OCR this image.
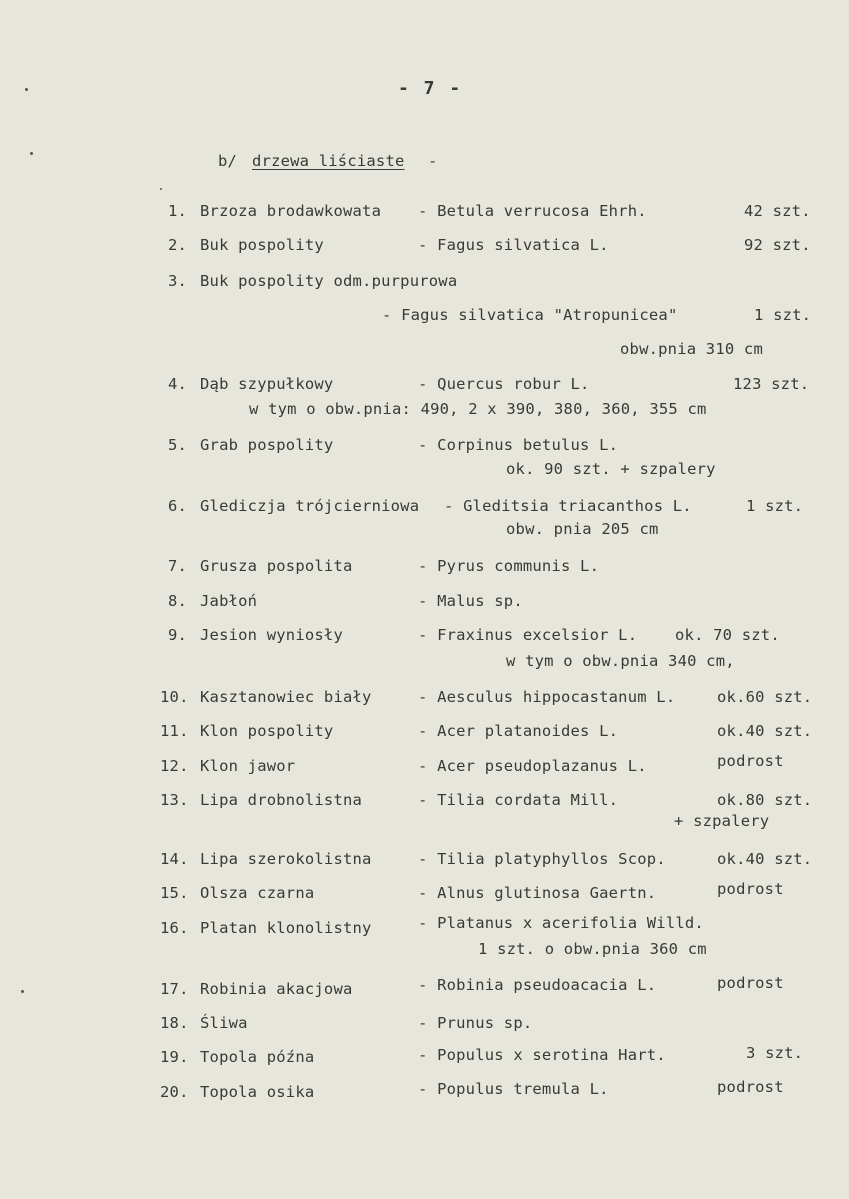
- 7 -
b/ drzewa liściaste -
1. Brzoza brodawkowata - Betula verrucosa Ehrh.	42 szt.
2. Buk pospolity	- Fagus silvatica L.	92 szt.
3. Buk pospolity odm.purpurowa
- Fagus silvatica "Atropunicea"	1 szt.
obw.pnia 310 cm
4. Dąb szypułkowy	- Quercus robur L.	123 szt.
w tym o obw.pnia: 490, 2 x 390, 380, 360, 355 cm
5. Grab pospolity	- Corpinus betulus L.
ok. 90 szt. + szpalery
6. Glediczja trójcierniowa - Gleditsia triacanthos L.	1 szt.
obw. pnia 205 cm
7. Grusza pospolita	- Pyrus communis L.
8. Jabłoń	- Malus sp.
9. Jesion wyniosły	- Fraxinus excelsior L. ok. 70 szt.
w tym o obw.pnia 340 cm,
10. Kasztanowiec biały	- Aesculus hippocastanum L.	ok.60 szt.
11. Klon pospolity	- Acer platanoides L.	ok.40 szt.
12. Klon jawor	- Acer pseudoplazanus L.	podrost
13. Lipa drobnolistna	- Tilia cordata Mill.	ok.80 szt.
+ szpalery
14. Lipa szerokolistna	- Tilia platyphyllos Scop.	ok.40 szt.
15. Olsza czarna	- Alnus glutinosa Gaertn.	podrost
16. Platan klonolistny	- Platanus x acerifolia Willd.
1 szt. o obw.pnia 360 cm
17. Robinia akacjowa	- Robinia pseudoacacia L.	podrost
18. Śliwa	- Prunus sp.
19. Topola późna	- Populus x serotina Hart.	3 szt.
20. Topola osika	- Populus tremula L.	podrost
